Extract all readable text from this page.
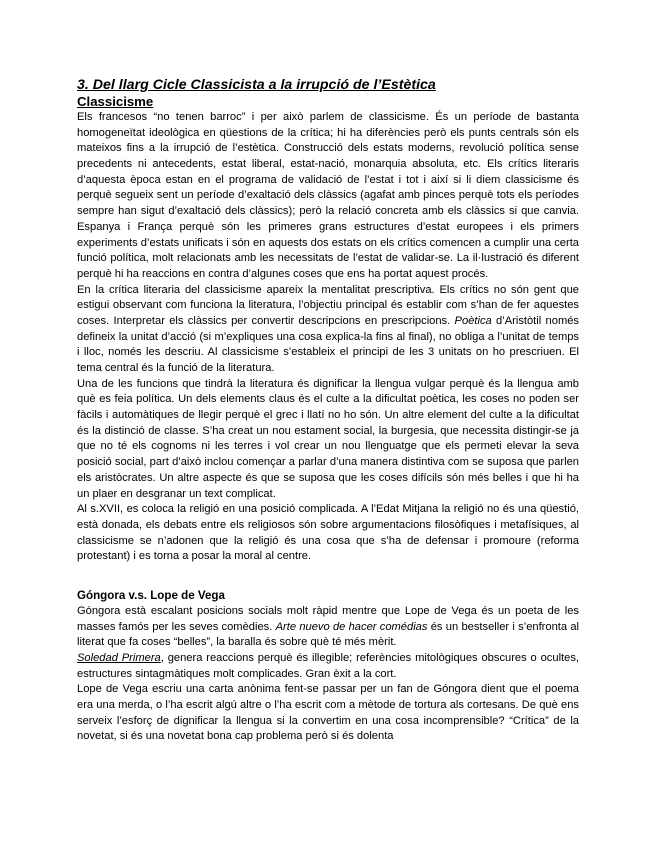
3. Del llarg Cicle Classicista a la irrupció de l’Estètica

Classicisme

Els francesos “no tenen barroc” i per això parlem de classicisme. És un període de bastanta homogeneïtat ideològica en qüestions de la crítica; hi ha diferències però els punts centrals són els mateixos fins a la irrupció de l’estètica. Construcció dels estats moderns, revolució política sense precedents ni antecedents, estat liberal, estat-nació, monarquia absoluta, etc. Els crítics literaris d’aquesta època estan en el programa de validació de l’estat i tot i així si li diem classicisme és perquè segueix sent un període d’exaltació dels clàssics (agafat amb pinces perquè tots els períodes sempre han sigut d’exaltació dels clàssics); però la relació concreta amb els clàssics si que canvia. Espanya i França perquè són les primeres grans estructures d’estat europees i els primers experiments d’estats unificats i són en aquests dos estats on els crítics comencen a cumplir una certa funció política, molt relacionats amb les necessitats de l’estat de validar-se. La il·lustració és diferent perquè hi ha reaccions en contra d’algunes coses que ens ha portat aquest procés.

En la crítica literaria del classicisme apareix la mentalitat prescriptiva. Els crítics no són gent que estigui observant com funciona la literatura, l’objectiu principal és establir com s’han de fer aquestes coses. Interpretar els clàssics per convertir descripcions en prescripcions. Poètica d’Aristòtil només defineix la unitat d’acció (si m’expliques una cosa explica-la fins al final), no obliga a l’unitat de temps i lloc, només les descriu. Al classicisme s’estableix el principi de les 3 unitats on ho prescriuen. El tema central és la funció de la literatura.

Una de les funcions que tindrà la literatura és dignificar la llengua vulgar perquè és la llengua amb què es feia política. Un dels elements claus és el culte a la dificultat poètica, les coses no poden ser fàcils i automàtiques de llegir perquè el grec i llatí no ho són. Un altre element del culte a la dificultat és la distinció de classe. S’ha creat un nou estament social, la burgesia, que necessita distingir-se ja que no té els cognoms ni les terres i vol crear un nou llenguatge que els permeti elevar la seva posició social, part d’això inclou començar a parlar d’una manera distintiva com se suposa que parlen els aristòcrates. Un altre aspecte és que se suposa que les coses difícils són més belles i que hi ha un plaer en desgranar un text complicat.

Al s.XVII, es coloca la religió en una posició complicada. A l’Edat Mitjana la religió no és una qüestió, està donada, els debats entre els religiosos són sobre argumentacions filosòfiques i metafísiques, al classicisme se n’adonen que la religió és una cosa que s’ha de defensar i promoure (reforma protestant) i es torna a posar la moral al centre.

Góngora v.s. Lope de Vega

Góngora està escalant posicions socials molt ràpid mentre que Lope de Vega és un poeta de les masses famós per les seves comèdies. Arte nuevo de hacer comédias és un bestseller i s’enfronta al literat que fa coses “belles”, la baralla és sobre què té més mèrit.

Soledad Primera, genera reaccions perquè és illegible; referències mitològiques obscures o ocultes, estructures sintagmàtiques molt complicades. Gran èxit a la cort.

Lope de Vega escriu una carta anònima fent-se passar per un fan de Góngora dient que el poema era una merda, o l’ha escrit algú altre o l’ha escrit com a mètode de tortura als cortesans. De què ens serveix l’esforç de dignificar la llengua si la convertim en una cosa incomprensible? “Crítica” de la novetat, si és una novetat bona cap problema però si és dolenta
